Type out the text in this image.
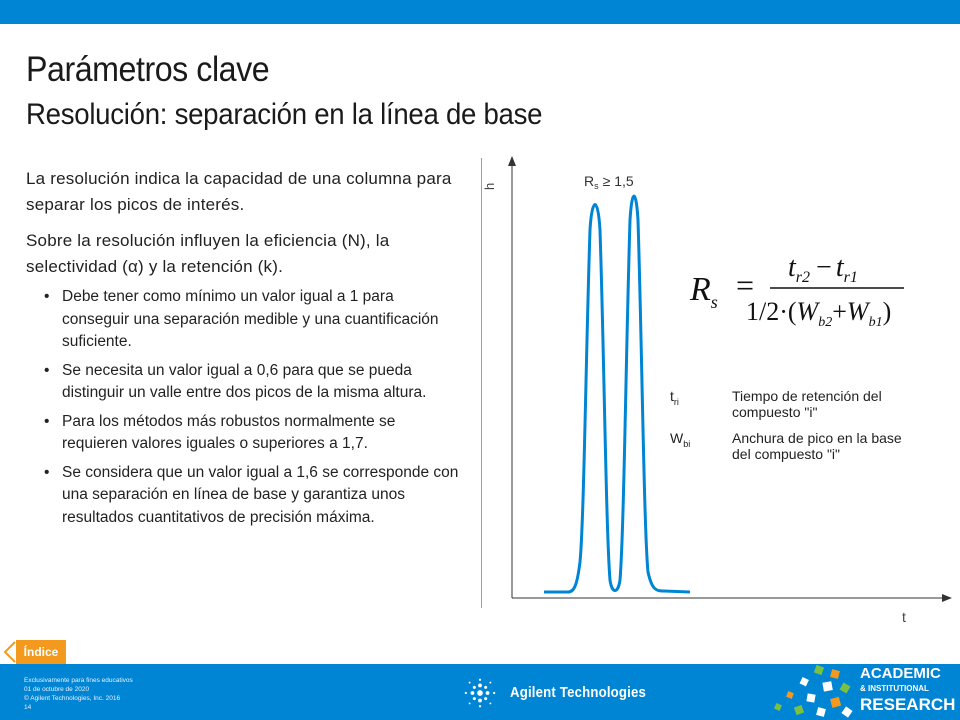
Parámetros clave
Resolución: separación en la línea de base
La resolución indica la capacidad de una columna para separar los picos de interés.
Sobre la resolución influyen la eficiencia (N), la selectividad (α) y la retención (k).
• Debe tener como mínimo un valor igual a 1 para conseguir una separación medible y una cuantificación suficiente.
• Se necesita un valor igual a 0,6 para que se pueda distinguir un valle entre dos picos de la misma altura.
• Para los métodos más robustos normalmente se requieren valores iguales o superiores a 1,7.
• Se considera que un valor igual a 1,6 se corresponde con una separación en línea de base y garantiza unos resultados cuantitativos de precisión máxima.
h
t
$R_s \ge 1,5$
$R_s = t_{r2} - t_{r1}$
$1/2\cdot(W_{b2}+W_{b1})$
$t_{ri}$	Tiempo de retención del compuesto "i"
$W_{bi}$	Anchura de pico en la base del compuesto "i"
Índice
Exclusivamente para fines educativos
01 de octubre de 2020
© Agilent Technologies, Inc. 2016
14
Agilent Technologies
ACADEMIC
& INSTITUTIONAL
RESEARCH
